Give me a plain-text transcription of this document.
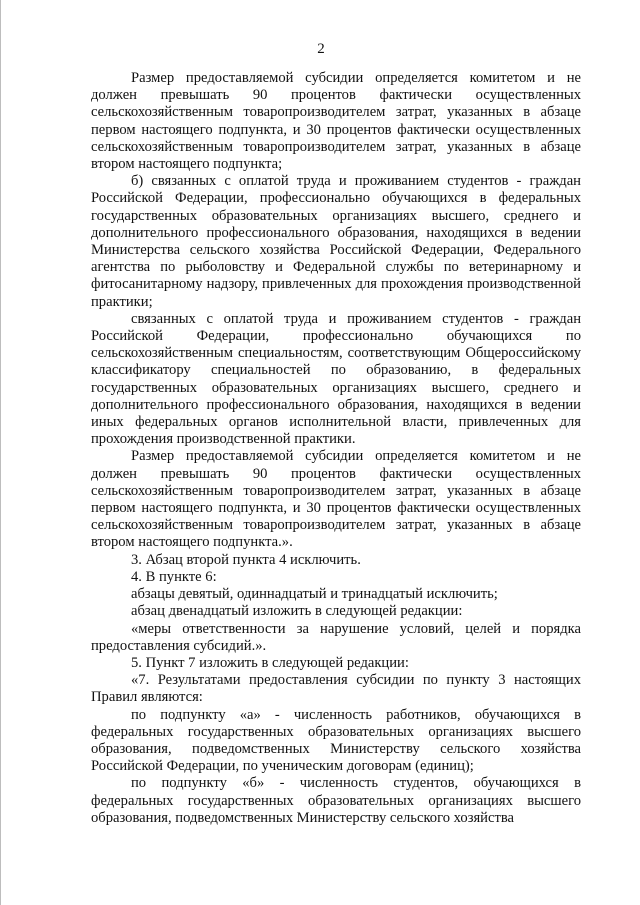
2

Размер предоставляемой субсидии определяется комитетом и не должен превышать 90 процентов фактически осуществленных сельскохозяйственным товаропроизводителем затрат, указанных в абзаце первом настоящего подпункта, и 30 процентов фактически осуществленных сельскохозяйственным товаропроизводителем затрат, указанных в абзаце втором настоящего подпункта;

б) связанных с оплатой труда и проживанием студентов - граждан Российской Федерации, профессионально обучающихся в федеральных государственных образовательных организациях высшего, среднего и дополнительного профессионального образования, находящихся в ведении Министерства сельского хозяйства Российской Федерации, Федерального агентства по рыболовству и Федеральной службы по ветеринарному и фитосанитарному надзору, привлеченных для прохождения производственной практики;

связанных с оплатой труда и проживанием студентов - граждан Российской Федерации, профессионально обучающихся по сельскохозяйственным специальностям, соответствующим Общероссийскому классификатору специальностей по образованию, в федеральных государственных образовательных организациях высшего, среднего и дополнительного профессионального образования, находящихся в ведении иных федеральных органов исполнительной власти, привлеченных для прохождения производственной практики.

Размер предоставляемой субсидии определяется комитетом и не должен превышать 90 процентов фактически осуществленных сельскохозяйственным товаропроизводителем затрат, указанных в абзаце первом настоящего подпункта, и 30 процентов фактически осуществленных сельскохозяйственным товаропроизводителем затрат, указанных в абзаце втором настоящего подпункта.».

3. Абзац второй пункта 4 исключить.

4. В пункте 6:

абзацы девятый, одиннадцатый и тринадцатый исключить;

абзац двенадцатый изложить в следующей редакции:

«меры ответственности за нарушение условий, целей и порядка предоставления субсидий.».

5. Пункт 7 изложить в следующей редакции:

«7. Результатами предоставления субсидии по пункту 3 настоящих Правил являются:

по подпункту «а» - численность работников, обучающихся в федеральных государственных образовательных организациях высшего образования, подведомственных Министерству сельского хозяйства Российской Федерации, по ученическим договорам (единиц);

по подпункту «б» - численность студентов, обучающихся в федеральных государственных образовательных организациях высшего образования, подведомственных Министерству сельского хозяйства
